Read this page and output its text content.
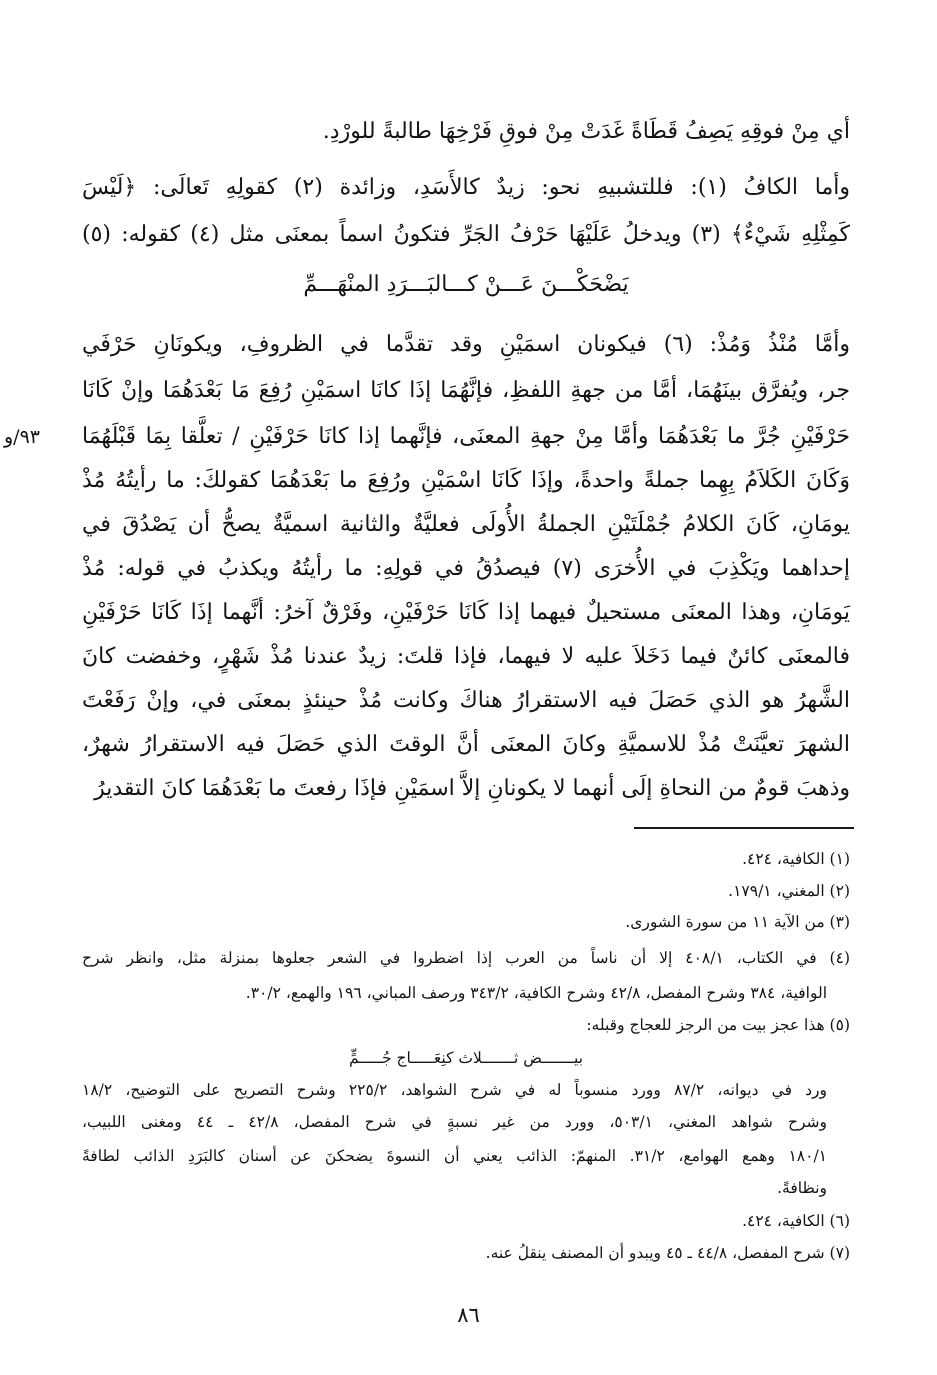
أي مِنْ فوقِهِ يَصِفُ قَطَاةً غَدَتْ مِنْ فوقِ فَرْخِهَا طالبةً للورْدِ.

وأما الكافُ (١): فللتشبيهِ نحو: زيدٌ كالأَسَدِ، وزائدة (٢) كقولِهِ تَعالَى: ﴿لَيْسَ

كَمِثْلِهِ شَيْءٌ﴾ (٣) ويدخلُ عَلَيْهَا حَرْفُ الجَرِّ فتكونُ اسماً بمعنَى مثل (٤) كقوله: (٥)

يَضْحَكْـــنَ عَـــنْ كـــالبَـــرَدِ المنْهَـــمِّ

وأمَّا مُنْذُ وَمُذْ: (٦) فيكونان اسمَيْنِ وقد تقدَّما في الظروفِ، ويكونَانِ حَرْفَي

جر، ويُفرَّق بينَهُمَا، أمَّا من جهةِ اللفظِ، فإنَّهُمَا إذَا كانَا اسمَيْنِ رُفِعَ مَا بَعْدَهُمَا وإنْ كَانَا

حَرْفَيْنِ جُرَّ ما بَعْدَهُمَا وأمَّا مِنْ جهةِ المعنَى، فإنَّهما إذا كانَا حَرْفَيْنِ / تعلَّقا بِمَا قَبْلَهُمَا

٩٣/و

وَكَانَ الكَلاَمُ بِهِما جملةً واحدةً، وإذَا كَانَا اسْمَيْنِ ورُفِعَ ما بَعْدَهُمَا كقولكَ: ما رأيتُهُ مُذْ

يومَانِ، كَانَ الكلامُ جُمْلَتَيْنِ الجملةُ الأُولَى فعليَّةٌ والثانية اسميَّةٌ يصحُّ أن يَصْدُقَ في

إحداهما ويَكْذِبَ في الأُخرَى (٧) فيصدُقُ في قولِهِ: ما رأيتُهُ ويكذبُ في قوله: مُذْ

يَومَانِ، وهذا المعنَى مستحيلٌ فيهما إذا كَانَا حَرْفَيْنِ، وفَرْقٌ آخرُ: أنَّهما إذَا كَانَا حَرْفَيْنِ

فالمعنَى كائنٌ فيما دَخَلاَ عليه لا فيهما، فإذا قلتَ: زيدٌ عندنا مُذْ شَهْرٍ، وخفضت كانَ

الشَّهرُ هو الذي حَصَلَ فيه الاستقرارُ هناكَ وكانت مُذْ حينئذٍ بمعنَى في، وإنْ رَفَعْتَ

الشهرَ تعيَّنَتْ مُذْ للاسميَّةِ وكانَ المعنَى أنَّ الوقتَ الذي حَصَلَ فيه الاستقرارُ شهرٌ،

وذهبَ قومٌ من النحاةِ إلَى أنهما لا يكونانِ إلاَّ اسمَيْنِ فإذَا رفعتَ ما بَعْدَهُمَا كانَ التقديرُ

(١) الكافية، ٤٢٤.

(٢) المغني، ١٧٩/١.

(٣) من الآية ١١ من سورة الشورى.

(٤) في الكتاب، ٤٠٨/١ إلا أن ناساً من العرب إذا اضطروا في الشعر جعلوها بمنزلة مثل، وانظر شرح

الوافية، ٣٨٤ وشرح المفصل، ٤٢/٨ وشرح الكافية، ٣٤٣/٢ ورصف المباني، ١٩٦ والهمع، ٣٠/٢.

(٥) هذا عجز بيت من الرجز للعجاج وقبله:

بيـــــــض ثـــــــلاث كنِعَـــــاج جُـــــمٍّ

ورد في ديوانه، ٨٧/٢ وورد منسوباً له في شرح الشواهد، ٢٢٥/٢ وشرح التصريح على التوضيح، ١٨/٢

وشرح شواهد المغني، ٥٠٣/١، وورد من غير نسبةٍ في شرح المفصل، ٤٢/٨ ـ ٤٤ ومغنى اللبيب،

١٨٠/١ وهمع الهوامع، ٣١/٢. المنهمّ: الذائب يعني أن النسوةَ يضحكنَ عن أسنان كالبَرَدِ الذائب لطافةً

ونظافةً.

(٦) الكافية، ٤٢٤.

(٧) شرح المفصل، ٤٤/٨ ـ ٤٥ ويبدو أن المصنف ينقلُ عنه.

٨٦
